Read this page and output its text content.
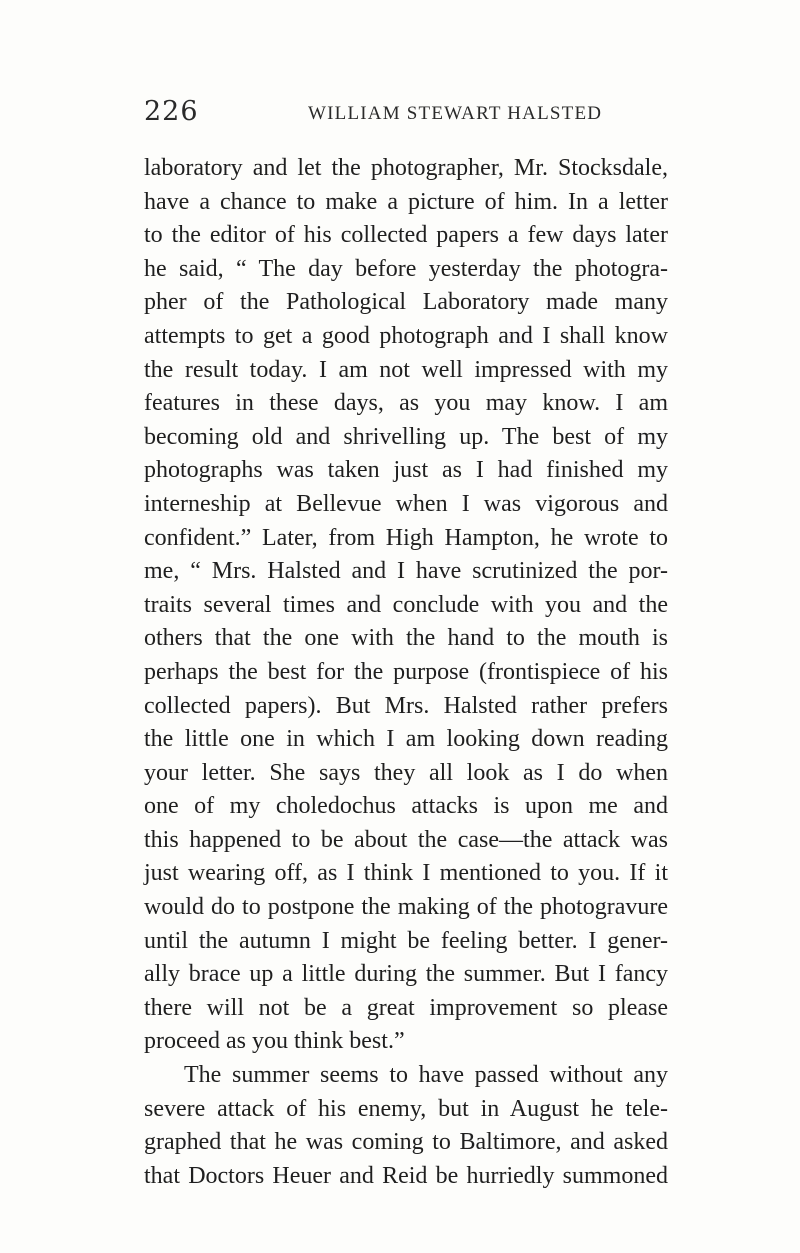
226	WILLIAM STEWART HALSTED
laboratory and let the photographer, Mr. Stocksdale,
have a chance to make a picture of him. In a letter
to the editor of his collected papers a few days later
he said, “ The day before yesterday the photogra-
pher of the Pathological Laboratory made many
attempts to get a good photograph and I shall know
the result today. I am not well impressed with my
features in these days, as you may know. I am
becoming old and shrivelling up. The best of my
photographs was taken just as I had finished my
interneship at Bellevue when I was vigorous and
confident.” Later, from High Hampton, he wrote to
me, “ Mrs. Halsted and I have scrutinized the por-
traits several times and conclude with you and the
others that the one with the hand to the mouth is
perhaps the best for the purpose (frontispiece of his
collected papers). But Mrs. Halsted rather prefers
the little one in which I am looking down reading
your letter. She says they all look as I do when
one of my choledochus attacks is upon me and
this happened to be about the case—the attack was
just wearing off, as I think I mentioned to you. If it
would do to postpone the making of the photogravure
until the autumn I might be feeling better. I gener-
ally brace up a little during the summer. But I fancy
there will not be a great improvement so please
proceed as you think best.”
The summer seems to have passed without any
severe attack of his enemy, but in August he tele-
graphed that he was coming to Baltimore, and asked
that Doctors Heuer and Reid be hurriedly summoned
